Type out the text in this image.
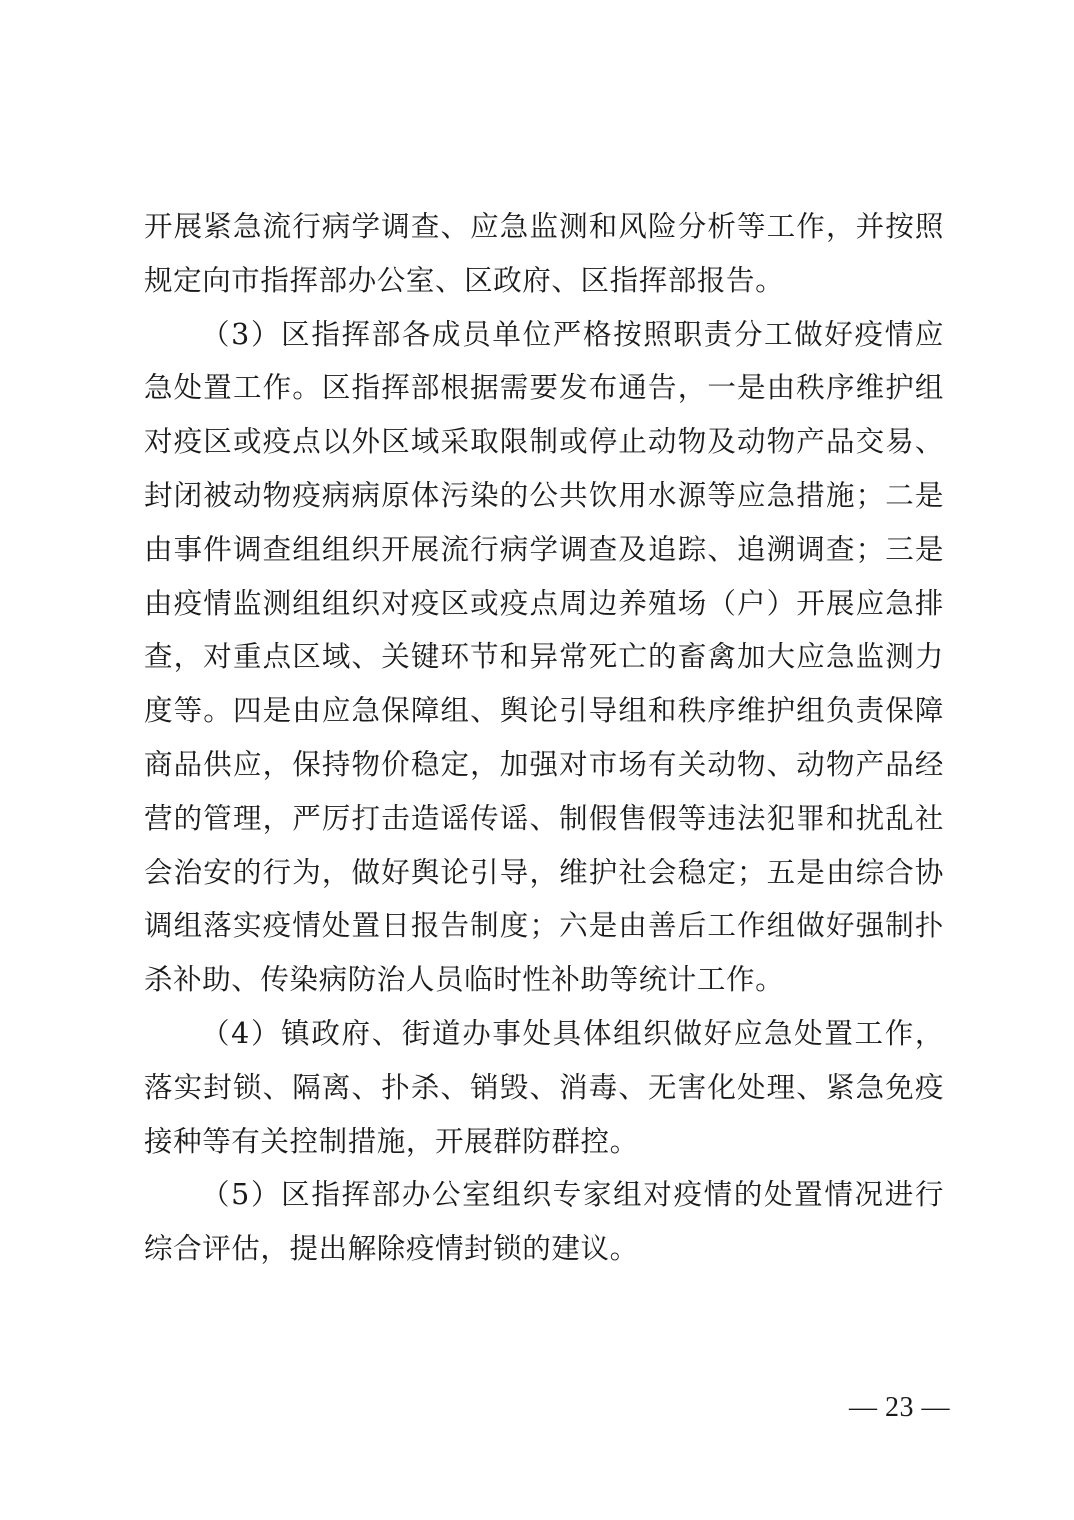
开展紧急流行病学调查、应急监测和风险分析等工作，并按照规定向市指挥部办公室、区政府、区指挥部报告。

（3）区指挥部各成员单位严格按照职责分工做好疫情应急处置工作。区指挥部根据需要发布通告，一是由秩序维护组对疫区或疫点以外区域采取限制或停止动物及动物产品交易、封闭被动物疫病病原体污染的公共饮用水源等应急措施；二是由事件调查组组织开展流行病学调查及追踪、追溯调查；三是由疫情监测组组织对疫区或疫点周边养殖场（户）开展应急排查，对重点区域、关键环节和异常死亡的畜禽加大应急监测力度等。四是由应急保障组、舆论引导组和秩序维护组负责保障商品供应，保持物价稳定，加强对市场有关动物、动物产品经营的管理，严厉打击造谣传谣、制假售假等违法犯罪和扰乱社会治安的行为，做好舆论引导，维护社会稳定；五是由综合协调组落实疫情处置日报告制度；六是由善后工作组做好强制扑杀补助、传染病防治人员临时性补助等统计工作。

（4）镇政府、街道办事处具体组织做好应急处置工作，落实封锁、隔离、扑杀、销毁、消毒、无害化处理、紧急免疫接种等有关控制措施，开展群防群控。

（5）区指挥部办公室组织专家组对疫情的处置情况进行综合评估，提出解除疫情封锁的建议。

— 23 —
